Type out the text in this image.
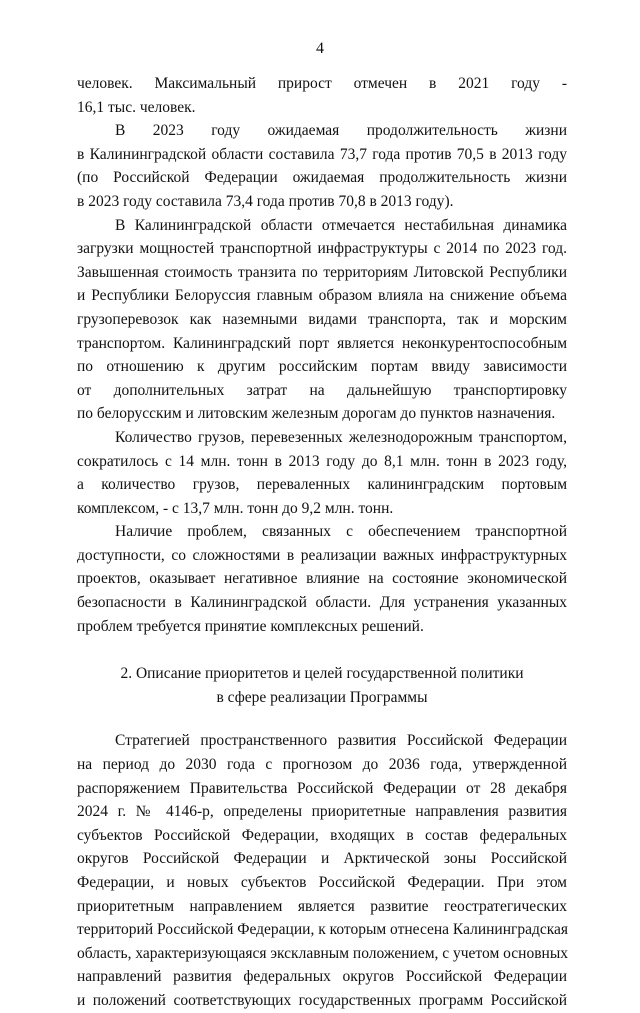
4

человек. Максимальный прирост отмечен в 2021 году -
16,1 тыс. человек.

В 2023 году ожидаемая продолжительность жизни
в Калининградской области составила 73,7 года против 70,5 в 2013 году
(по Российской Федерации ожидаемая продолжительность жизни
в 2023 году составила 73,4 года против 70,8 в 2013 году).

В Калининградской области отмечается нестабильная динамика
загрузки мощностей транспортной инфраструктуры с 2014 по 2023 год.
Завышенная стоимость транзита по территориям Литовской Республики
и Республики Белоруссия главным образом влияла на снижение объема
грузоперевозок как наземными видами транспорта, так и морским
транспортом. Калининградский порт является неконкурентоспособным
по отношению к другим российским портам ввиду зависимости
от дополнительных затрат на дальнейшую транспортировку
по белорусским и литовским железным дорогам до пунктов назначения.

Количество грузов, перевезенных железнодорожным транспортом,
сократилось с 14 млн. тонн в 2013 году до 8,1 млн. тонн в 2023 году,
а количество грузов, переваленных калининградским портовым
комплексом, - с 13,7 млн. тонн до 9,2 млн. тонн.

Наличие проблем, связанных с обеспечением транспортной
доступности, со сложностями в реализации важных инфраструктурных
проектов, оказывает негативное влияние на состояние экономической
безопасности в Калининградской области. Для устранения указанных
проблем требуется принятие комплексных решений.

2. Описание приоритетов и целей государственной политики
в сфере реализации Программы

Стратегией пространственного развития Российской Федерации
на период до 2030 года с прогнозом до 2036 года, утвержденной
распоряжением Правительства Российской Федерации от 28 декабря
2024 г. № 4146-р, определены приоритетные направления развития
субъектов Российской Федерации, входящих в состав федеральных
округов Российской Федерации и Арктической зоны Российской
Федерации, и новых субъектов Российской Федерации. При этом
приоритетным направлением является развитие геостратегических
территорий Российской Федерации, к которым отнесена Калининградская
область, характеризующаяся эксклавным положением, с учетом основных
направлений развития федеральных округов Российской Федерации
и положений соответствующих государственных программ Российской
